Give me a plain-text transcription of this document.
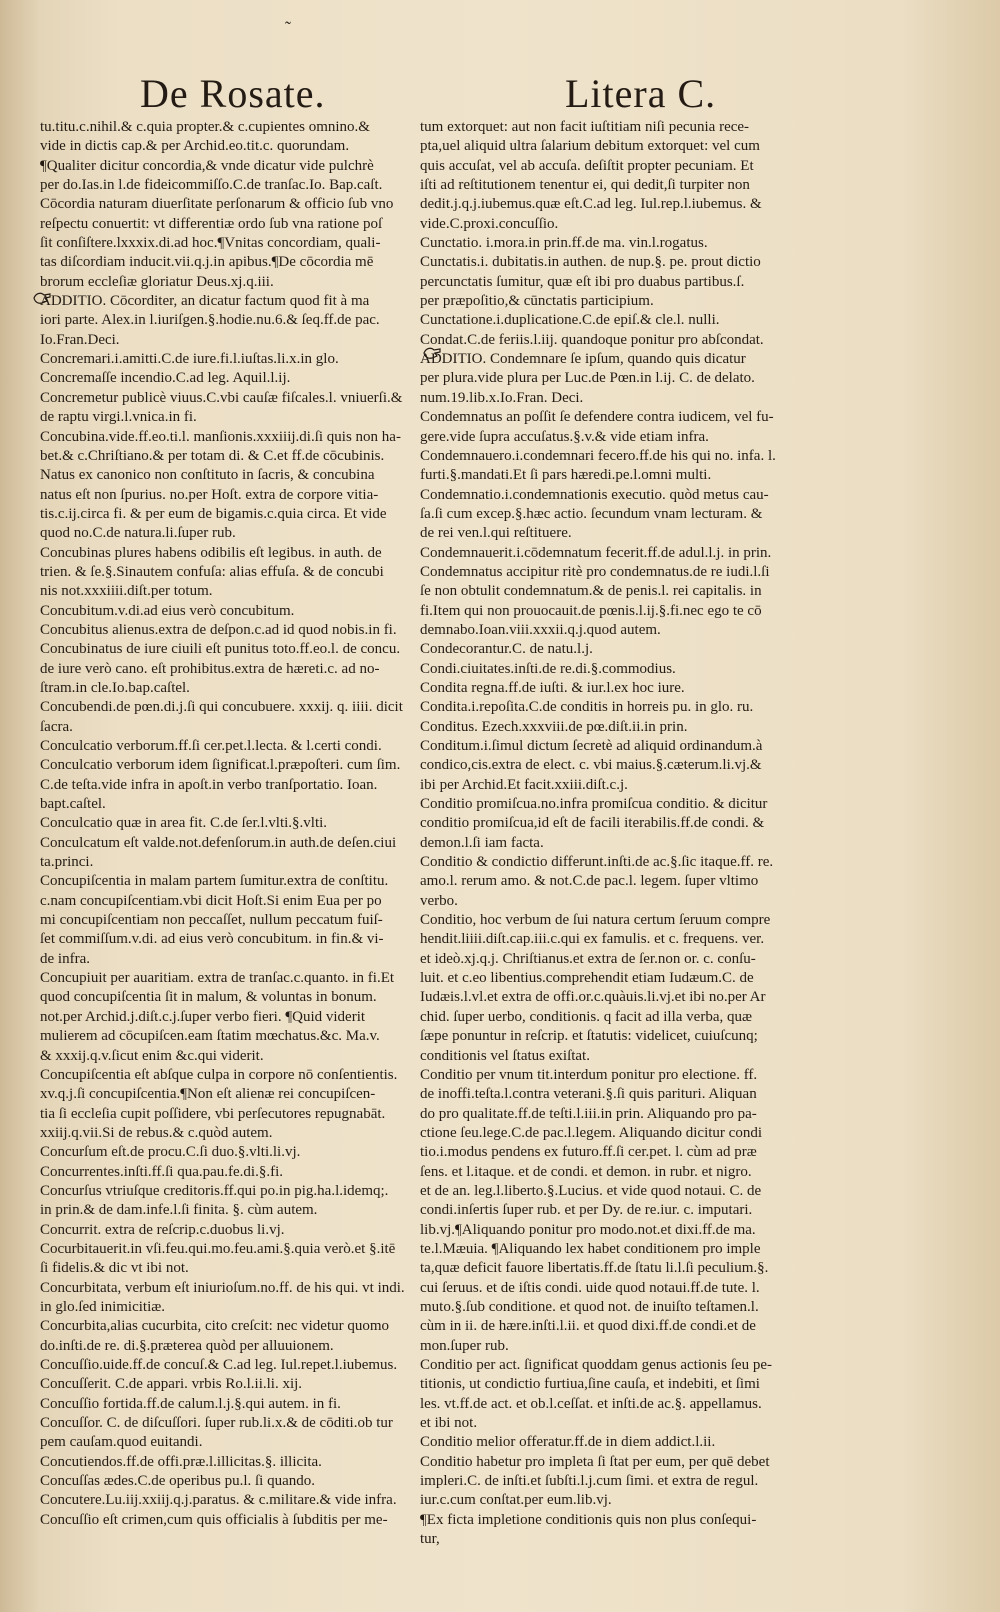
˜
De Rosate.	Litera C.
tu.titu.c.nihil.& c.quia propter.& c.cupientes omnino.&
vide in dictis cap.& per Archid.eo.tit.c. quorundam.
¶Qualiter dicitur concordia,& vnde dicatur vide pulchrè
per do.Ias.in l.de fideicommiſſo.C.de tranſac.Io. Bap.caſt.
Cōcordia naturam diuerſitate perſonarum & officio ſub vno
reſpectu conuertit: vt differentiæ ordo ſub vna ratione poſ
ſit conſiſtere.lxxxix.di.ad hoc.¶Vnitas concordiam, quali-
tas diſcordiam inducit.vii.q.j.in apibus.¶De cōcordia mē
brorum eccleſiæ gloriatur Deus.xj.q.iii.
ADDITIO. Cōcorditer, an dicatur factum quod fit à ma
iori parte. Alex.in l.iuriſgen.§.hodie.nu.6.& ſeq.ff.de pac.
Io.Fran.Deci.
Concremari.i.amitti.C.de iure.fi.l.iuſtas.li.x.in glo.
Concremaſſe incendio.C.ad leg. Aquil.l.ij.
Concremetur publicè viuus.C.vbi cauſæ fiſcales.l. vniuerſi.&
de raptu virgi.l.vnica.in fi.
Concubina.vide.ff.eo.ti.l. manſionis.xxxiiij.di.ſi quis non ha-
bet.& c.Chriſtiano.& per totam di. & C.et ff.de cōcubinis.
Natus ex canonico non conſtituto in ſacris, & concubina
natus eſt non ſpurius. no.per Hoſt. extra de corpore vitia-
tis.c.ij.circa fi. & per eum de bigamis.c.quia circa. Et vide
quod no.C.de natura.li.ſuper rub.
Concubinas plures habens odibilis eſt legibus. in auth. de
trien. & ſe.§.Sinautem confuſa: alias effuſa. & de concubi
nis not.xxxiiii.diſt.per totum.
Concubitum.v.di.ad eius verò concubitum.
Concubitus alienus.extra de deſpon.c.ad id quod nobis.in fi.
Concubinatus de iure ciuili eſt punitus toto.ff.eo.l. de concu.
de iure verò cano. eſt prohibitus.extra de hæreti.c. ad no-
ſtram.in cle.Io.bap.caſtel.
Concubendi.de pœn.di.j.ſi qui concubuere. xxxij. q. iiii. dicit
ſacra.
Conculcatio verborum.ff.ſi cer.pet.l.lecta. & l.certi condi.
Conculcatio verborum idem ſignificat.l.præpoſteri. cum ſim.
C.de teſta.vide infra in apoſt.in verbo tranſportatio. Ioan.
bapt.caſtel.
Conculcatio quæ in area fit. C.de ſer.l.vlti.§.vlti.
Conculcatum eſt valde.not.defenſorum.in auth.de deſen.ciui
ta.princi.
Concupiſcentia in malam partem ſumitur.extra de conſtitu.
c.nam concupiſcentiam.vbi dicit Hoſt.Si enim Eua per po
mi concupiſcentiam non peccaſſet, nullum peccatum fuiſ-
ſet commiſſum.v.di. ad eius verò concubitum. in fin.& vi-
de infra.
Concupiuit per auaritiam. extra de tranſac.c.quanto. in fi.Et
quod concupiſcentia ſit in malum, & voluntas in bonum.
not.per Archid.j.diſt.c.j.ſuper verbo fieri. ¶Quid viderit
mulierem ad cōcupiſcen.eam ſtatim mœchatus.&c. Ma.v.
& xxxij.q.v.ſicut enim &c.qui viderit.
Concupiſcentia eſt abſque culpa in corpore nō conſentientis.
xv.q.j.ſi concupiſcentia.¶Non eſt alienæ rei concupiſcen-
tia ſi eccleſia cupit poſſidere, vbi perſecutores repugnabāt.
xxiij.q.vii.Si de rebus.& c.quòd autem.
Concurſum eſt.de procu.C.ſi duo.§.vlti.li.vj.
Concurrentes.inſti.ff.ſi qua.pau.fe.di.§.fi.
Concurſus vtriuſque creditoris.ff.qui po.in pig.ha.l.idemq;.
in prin.& de dam.infe.l.ſi finita. §. cùm autem.
Concurrit. extra de reſcrip.c.duobus li.vj.
Cocurbitauerit.in vſi.feu.qui.mo.feu.ami.§.quia verò.et §.itē
ſi fidelis.& dic vt ibi not.
Concurbitata, verbum eſt iniurioſum.no.ff. de his qui. vt indi.
in glo.ſed inimicitiæ.
Concurbita,alias cucurbita, cito creſcit: nec videtur quomo
do.inſti.de re. di.§.præterea quòd per alluuionem.
Concuſſio.uide.ff.de concuſ.& C.ad leg. Iul.repet.l.iubemus.
Concuſſerit. C.de appari. vrbis Ro.l.ii.li. xij.
Concuſſio fortida.ff.de calum.l.j.§.qui autem. in fi.
Concuſſor. C. de diſcuſſori. ſuper rub.li.x.& de cōditi.ob tur
pem cauſam.quod euitandi.
Concutiendos.ff.de offi.præ.l.illicitas.§. illicita.
Concuſſas ædes.C.de operibus pu.l. ſi quando.
Concutere.Lu.iij.xxiij.q.j.paratus. & c.militare.& vide infra.
Concuſſio eſt crimen,cum quis officialis à ſubditis per me-
tum extorquet: aut non facit iuſtitiam niſi pecunia rece-
pta,uel aliquid ultra ſalarium debitum extorquet: vel cum
quis accuſat, vel ab accuſa. deſiſtit propter pecuniam. Et
iſti ad reſtitutionem tenentur ei, qui dedit,ſi turpiter non
dedit.j.q.j.iubemus.quæ eſt.C.ad leg. Iul.rep.l.iubemus. &
vide.C.proxi.concuſſio.
Cunctatio. i.mora.in prin.ff.de ma. vin.l.rogatus.
Cunctatis.i. dubitatis.in authen. de nup.§. pe. prout dictio
percunctatis ſumitur, quæ eſt ibi pro duabus partibus.ſ.
per præpoſitio,& cūnctatis participium.
Cunctatione.i.duplicatione.C.de epiſ.& cle.l. nulli.
Condat.C.de feriis.l.iij. quandoque ponitur pro abſcondat.
ADDITIO. Condemnare ſe ipſum, quando quis dicatur
per plura.vide plura per Luc.de Pœn.in l.ij. C. de delato.
num.19.lib.x.Io.Fran. Deci.
Condemnatus an poſſit ſe defendere contra iudicem, vel fu-
gere.vide ſupra accuſatus.§.v.& vide etiam infra.
Condemnauero.i.condemnari fecero.ff.de his qui no. infa. l.
furti.§.mandati.Et ſi pars hæredi.pe.l.omni multi.
Condemnatio.i.condemnationis executio. quòd metus cau-
ſa.ſi cum excep.§.hæc actio. ſecundum vnam lecturam. &
de rei ven.l.qui reſtituere.
Condemnauerit.i.cōdemnatum fecerit.ff.de adul.l.j. in prin.
Condemnatus accipitur ritè pro condemnatus.de re iudi.l.ſi
ſe non obtulit condemnatum.& de penis.l. rei capitalis. in
fi.Item qui non prouocauit.de pœnis.l.ij.§.fi.nec ego te cō
demnabo.Ioan.viii.xxxii.q.j.quod autem.
Condecorantur.C. de natu.l.j.
Condi.ciuitates.inſti.de re.di.§.commodius.
Condita regna.ff.de iuſti. & iur.l.ex hoc iure.
Condita.i.repoſita.C.de conditis in horreis pu. in glo. ru.
Conditus. Ezech.xxxviii.de pœ.diſt.ii.in prin.
Conditum.i.ſimul dictum ſecretè ad aliquid ordinandum.à
condico,cis.extra de elect. c. vbi maius.§.cæterum.li.vj.&
ibi per Archid.Et facit.xxiii.diſt.c.j.
Conditio promiſcua.no.infra promiſcua conditio. & dicitur
conditio promiſcua,id eſt de facili iterabilis.ff.de condi. &
demon.l.ſi iam facta.
Conditio & condictio differunt.inſti.de ac.§.ſic itaque.ff. re.
amo.l. rerum amo. & not.C.de pac.l. legem. ſuper vltimo
verbo.
Conditio, hoc verbum de ſui natura certum ſeruum compre
hendit.liiii.diſt.cap.iii.c.qui ex famulis. et c. frequens. ver.
et ideò.xj.q.j. Chriſtianus.et extra de ſer.non or. c. conſu-
luit. et c.eo libentius.comprehendit etiam Iudæum.C. de
Iudæis.l.vl.et extra de offi.or.c.quàuis.li.vj.et ibi no.per Ar
chid. ſuper uerbo, conditionis. q facit ad illa verba, quæ
ſæpe ponuntur in reſcrip. et ſtatutis: videlicet, cuiuſcunq;
conditionis vel ſtatus exiſtat.
Conditio per vnum tit.interdum ponitur pro electione. ff.
de inoffi.teſta.l.contra veterani.§.ſi quis parituri. Aliquan
do pro qualitate.ff.de teſti.l.iii.in prin. Aliquando pro pa-
ctione ſeu.lege.C.de pac.l.legem. Aliquando dicitur condi
tio.i.modus pendens ex futuro.ff.ſi cer.pet. l. cùm ad præ
ſens. et l.itaque. et de condi. et demon. in rubr. et nigro.
et de an. leg.l.liberto.§.Lucius. et vide quod notaui. C. de
condi.inſertis ſuper rub. et per Dy. de re.iur. c. imputari.
lib.vj.¶Aliquando ponitur pro modo.not.et dixi.ff.de ma.
te.l.Mæuia. ¶Aliquando lex habet conditionem pro imple
ta,quæ deficit fauore libertatis.ff.de ſtatu li.l.ſi peculium.§.
cui ſeruus. et de iſtis condi. uide quod notaui.ff.de tute. l.
muto.§.ſub conditione. et quod not. de inuiſto teſtamen.l.
cùm in ii. de hære.inſti.l.ii. et quod dixi.ff.de condi.et de
mon.ſuper rub.
Conditio per act. ſignificat quoddam genus actionis ſeu pe-
titionis, ut condictio furtiua,ſine cauſa, et indebiti, et ſimi
les. vt.ff.de act. et ob.l.ceſſat. et inſti.de ac.§. appellamus.
et ibi not.
Conditio melior offeratur.ff.de in diem addict.l.ii.
Conditio habetur pro impleta ſi ſtat per eum, per quē debet
impleri.C. de inſti.et ſubſti.l.j.cum ſimi. et extra de regul.
iur.c.cum conſtat.per eum.lib.vj.
¶Ex ficta impletione conditionis quis non plus conſequi-
tur,
